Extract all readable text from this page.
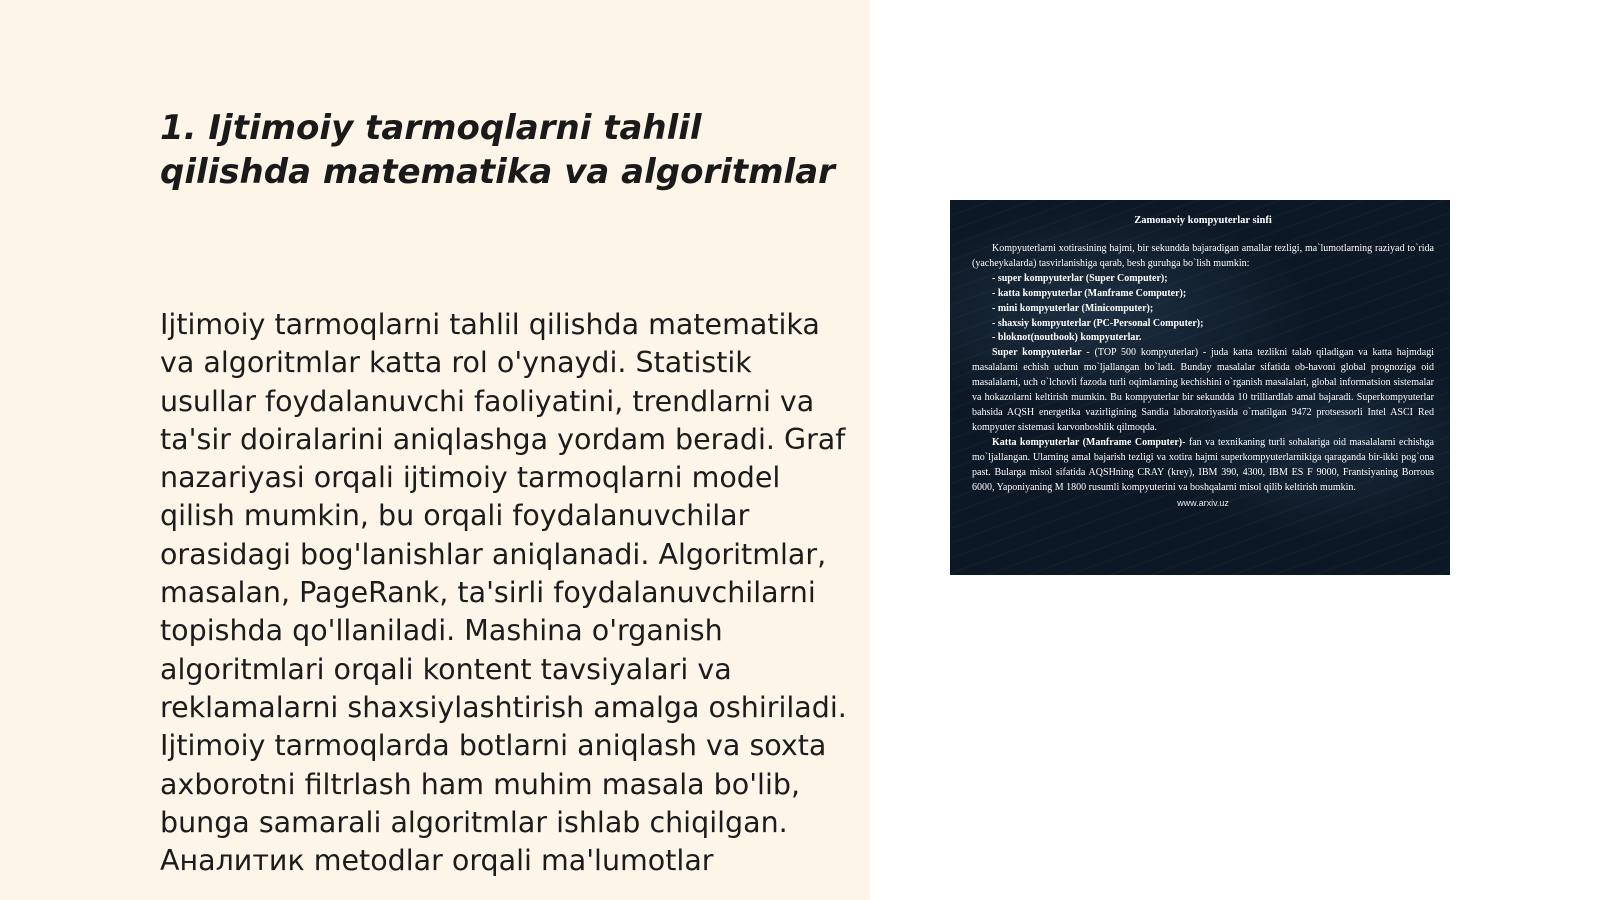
1. Ijtimoiy tarmoqlarni tahlil qilishda matematika va algoritmlar

Ijtimoiy tarmoqlarni tahlil qilishda matematika va algoritmlar katta rol o'ynaydi. Statistik usullar foydalanuvchi faoliyatini, trendlarni va ta'sir doiralarini aniqlashga yordam beradi. Graf nazariyasi orqali ijtimoiy tarmoqlarni model qilish mumkin, bu orqali foydalanuvchilar orasidagi bog'lanishlar aniqlanadi. Algoritmlar, masalan, PageRank, ta'sirli foydalanuvchilarni topishda qo'llaniladi. Mashina o'rganish algoritmlari orqali kontent tavsiyalari va reklamalarni shaxsiylashtirish amalga oshiriladi. Ijtimoiy tarmoqlarda botlarni aniqlash va soxta axborotni filtrlash ham muhim masala bo'lib, bunga samarali algoritmlar ishlab chiqilgan. Аналитик metodlar orqali ma'lumotlar

Zamonaviy kompyuterlar sinfi

Kompyuterlarni xotirasining hajmi, bir sekundda bajaradigan amallar tezligi, ma`lumotlarning raziyad to`rida (yacheykalarda) tasvirlanishiga qarab, besh guruhga bo`lish mumkin:

- super kompyuterlar (Super Computer);
- katta kompyuterlar (Manframe Computer);
- mini kompyuterlar (Minicomputer);
- shaxsiy kompyuterlar (PC-Personal Computer);
- bloknot(noutbook) kompyuterlar.

Super kompyuterlar - (TOP 500 kompyuterlar) - juda katta tezlikni talab qiladigan va katta hajmdagi masalalarni echish uchun mo`ljallangan bo`ladi. Bunday masalalar sifatida ob-havoni global prognoziga oid masalalarni, uch o`lchovli fazoda turli oqimlarning kechishini o`rganish masalalari, global informatsion sistemalar va hokazolarni keltirish mumkin. Bu kompyuterlar bir sekundda 10 trilliardlab amal bajaradi. Superkompyuterlar bahsida AQSH energetika vazirligining Sandia laboratoriyasida o`rnatilgan 9472 protsessorli Intel ASCI Red kompyuter sistemasi karvonboshlik qilmoqda.

Katta kompyuterlar (Manframe Computer)- fan va texnikaning turli sohalariga oid masalalarni echishga mo`ljallangan. Ularning amal bajarish tezligi va xotira hajmi superkompyuterlarnikiga qaraganda bir-ikki pog`ona past. Bularga misol sifatida AQSHning CRAY (krey), IBM 390, 4300, IBM ES F 9000, Frantsiyaning Borrous 6000, Yaponiyaning M 1800 rusumli kompyuterini va boshqalarni misol qilib keltirish mumkin.

www.arxiv.uz
